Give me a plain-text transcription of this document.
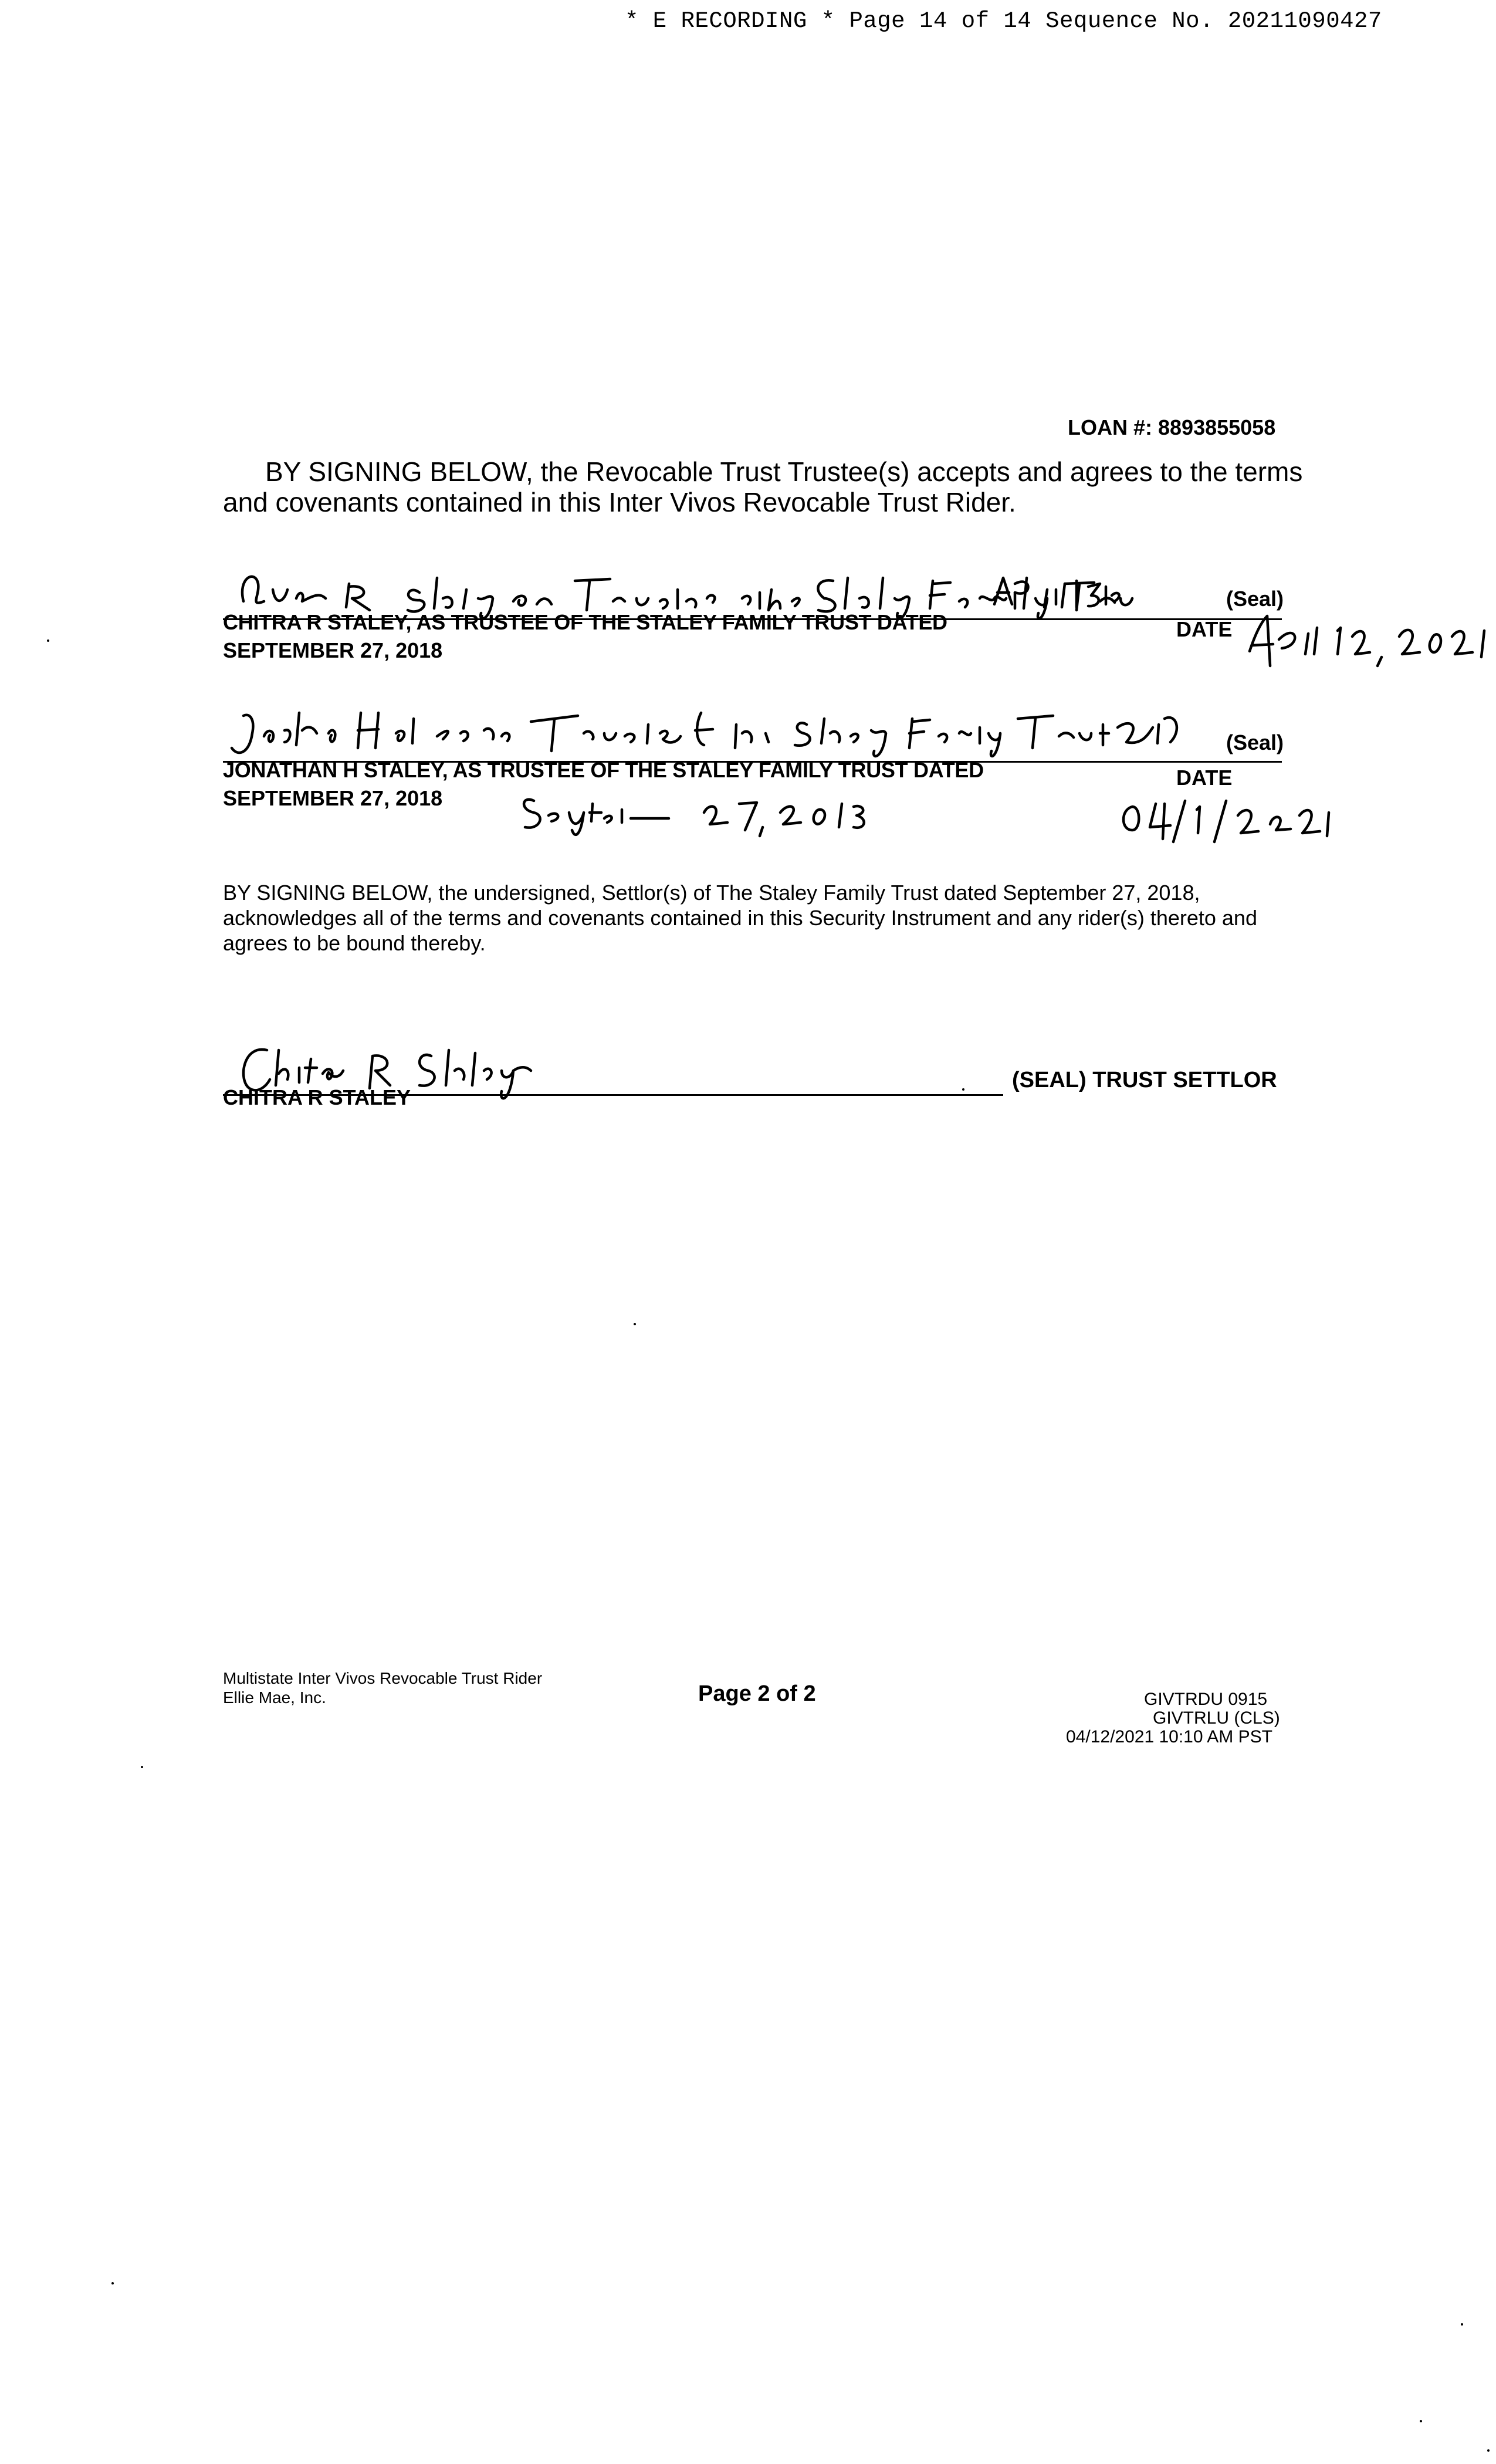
* E RECORDING * Page 14 of 14 Sequence No. 20211090427
LOAN #: 8893855058
BY SIGNING BELOW, the Revocable Trust Trustee(s) accepts and agrees to the terms and covenants contained in this Inter Vivos Revocable Trust Rider.
(Seal)
CHITRA R STALEY, AS TRUSTEE OF THE STALEY FAMILY TRUST DATED
SEPTEMBER 27, 2018
DATE
(Seal)
JONATHAN H STALEY, AS TRUSTEE OF THE STALEY FAMILY TRUST DATED
SEPTEMBER 27, 2018
DATE
BY SIGNING BELOW, the undersigned, Settlor(s) of The Staley Family Trust dated September 27, 2018, acknowledges all of the terms and covenants contained in this Security Instrument and any rider(s) thereto and agrees to be bound thereby.
CHITRA R STALEY
(SEAL) TRUST SETTLOR
Multistate Inter Vivos Revocable Trust Rider
Ellie Mae, Inc.	Page 2 of 2	GIVTRDU 0915
GIVTRLU (CLS)
04/12/2021 10:10 AM PST
